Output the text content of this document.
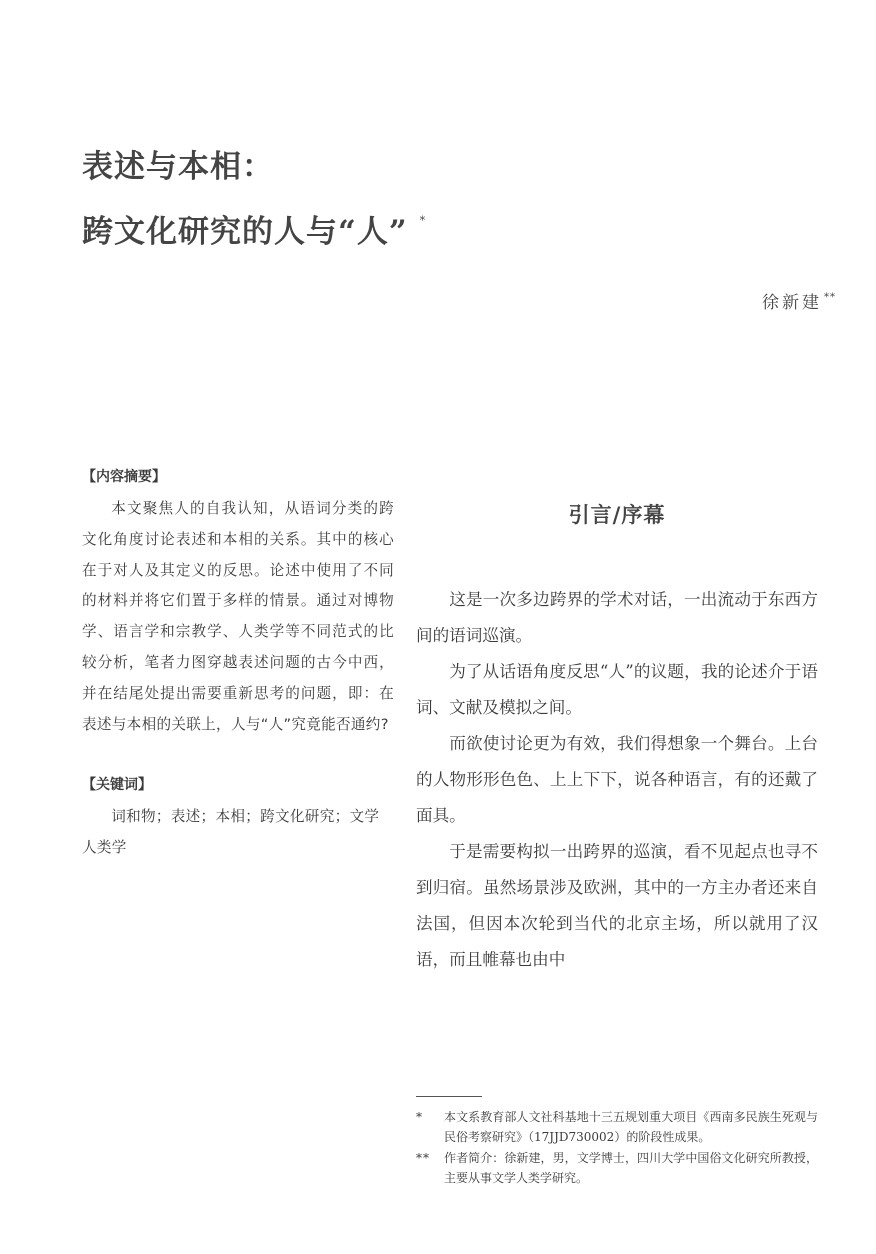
表述与本相：
跨文化研究的人与“人” *
徐新建 **
【内容摘要】

本文聚焦人的自我认知，从语词分类的跨文化角度讨论表述和本相的关系。其中的核心在于对人及其定义的反思。论述中使用了不同的材料并将它们置于多样的情景。通过对博物学、语言学和宗教学、人类学等不同范式的比较分析，笔者力图穿越表述问题的古今中西，并在结尾处提出需要重新思考的问题，即：在表述与本相的关联上，人与“人”究竟能否通约?

【关键词】

词和物；表述；本相；跨文化研究；文学人类学

引言/序幕

这是一次多边跨界的学术对话，一出流动于东西方间的语词巡演。

为了从话语角度反思“人”的议题，我的论述介于语词、文献及模拟之间。

而欲使讨论更为有效，我们得想象一个舞台。上台的人物形形色色、上上下下，说各种语言，有的还戴了面具。

于是需要构拟一出跨界的巡演，看不见起点也寻不到归宿。虽然场景涉及欧洲，其中的一方主办者还来自法国，但因本次轮到当代的北京主场，所以就用了汉语，而且帷幕也由中

*	本文系教育部人文社科基地十三五规划重大项目《西南多民族生死观与民俗考察研究》（17JJD730002）的阶段性成果。
**	作者简介：徐新建，男，文学博士，四川大学中国俗文化研究所教授，主要从事文学人类学研究。
